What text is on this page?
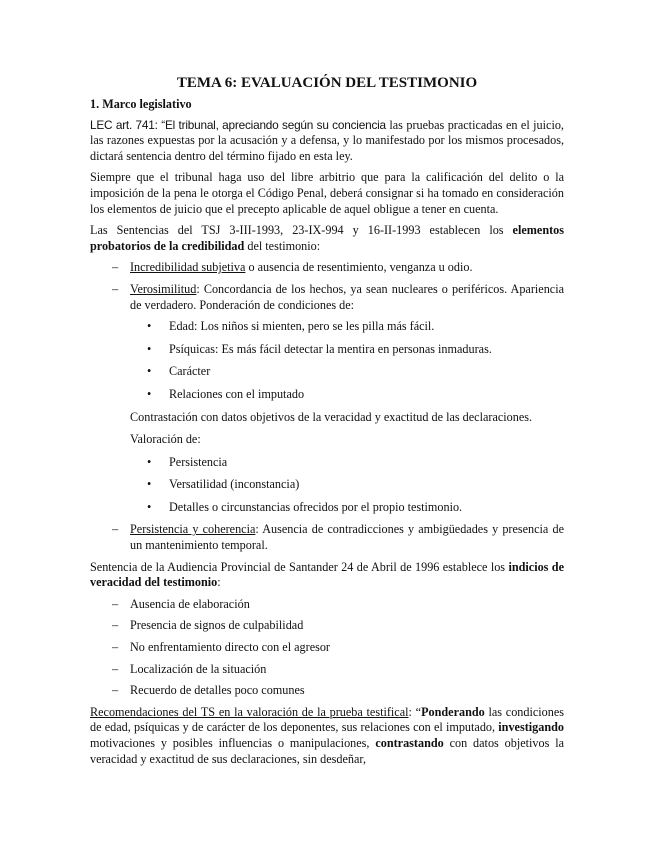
TEMA 6: EVALUACIÓN DEL TESTIMONIO
1. Marco legislativo

LEC art. 741: “El tribunal, apreciando según su conciencia las pruebas practicadas en el juicio, las razones expuestas por la acusación y a defensa, y lo manifestado por los mismos procesados, dictará sentencia dentro del término fijado en esta ley.

Siempre que el tribunal haga uso del libre arbitrio que para la calificación del delito o la imposición de la pena le otorga el Código Penal, deberá consignar si ha tomado en consideración los elementos de juicio que el precepto aplicable de aquel obligue a tener en cuenta.

Las Sentencias del TSJ 3-III-1993, 23-IX-994 y 16-II-1993 establecen los elementos probatorios de la credibilidad del testimonio:

– Incredibilidad subjetiva o ausencia de resentimiento, venganza u odio.
– Verosimilitud: Concordancia de los hechos, ya sean nucleares o periféricos. Apariencia de verdadero. Ponderación de condiciones de:
• Edad: Los niños si mienten, pero se les pilla más fácil.
• Psíquicas: Es más fácil detectar la mentira en personas inmaduras.
• Carácter
• Relaciones con el imputado
Contrastación con datos objetivos de la veracidad y exactitud de las declaraciones.
Valoración de:
• Persistencia
• Versatilidad (inconstancia)
• Detalles o circunstancias ofrecidos por el propio testimonio.
– Persistencia y coherencia: Ausencia de contradicciones y ambigüedades y presencia de un mantenimiento temporal.

Sentencia de la Audiencia Provincial de Santander 24 de Abril de 1996 establece los indicios de veracidad del testimonio:

– Ausencia de elaboración
– Presencia de signos de culpabilidad
– No enfrentamiento directo con el agresor
– Localización de la situación
– Recuerdo de detalles poco comunes

Recomendaciones del TS en la valoración de la prueba testifical: “Ponderando las condiciones de edad, psíquicas y de carácter de los deponentes, sus relaciones con el imputado, investigando motivaciones y posibles influencias o manipulaciones, contrastando con datos objetivos la veracidad y exactitud de sus declaraciones, sin desdeñar,
